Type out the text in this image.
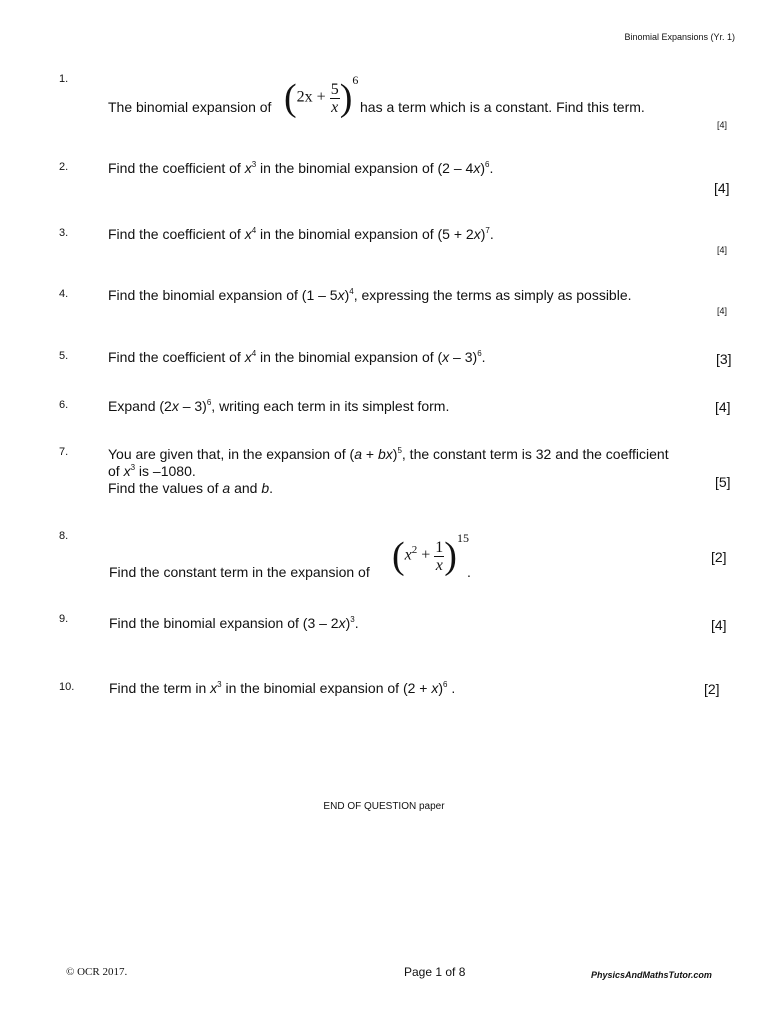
Binomial Expansions (Yr. 1)
1.
The binomial expansion of $(2x + \frac{5}{x} )^6$
has a term which is a constant. Find this term.
[4]
2.	Find the coefficient of $x^3$ in the binomial expansion of (2 – 4x)$^6$.
[4]
3.	Find the coefficient of $x^4$ in the binomial expansion of $(5 + 2x)^7$.
[4]
4.	Find the binomial expansion of (1 – 5x)$^4$, expressing the terms as simply as possible.
[4]
5.	Find the coefficient of $x^4$ in the binomial expansion of (x – 3)$^6$.	[3]
6.	Expand (2x – 3)$^6$, writing each term in its simplest form.	[4]
7.	You are given that, in the expansion of (a + bx)$^5$, the constant term is 32 and the coefficient
of $x^3$ is –1080.
Find the values of a and b.	[5]
8.
Find the constant term in the expansion of $(x^2 + \frac{1}{x} )^{15}$
.
[2]
9.	Find the binomial expansion of (3 – 2x)$^3$.	[4]
10. Find the term in $x^3$ in the binomial expansion of $(2 + x)^6$ .	[2]
END OF QUESTION paper
© OCR 2017.	Page 1 of 8	PhysicsAndMathsTutor.com
